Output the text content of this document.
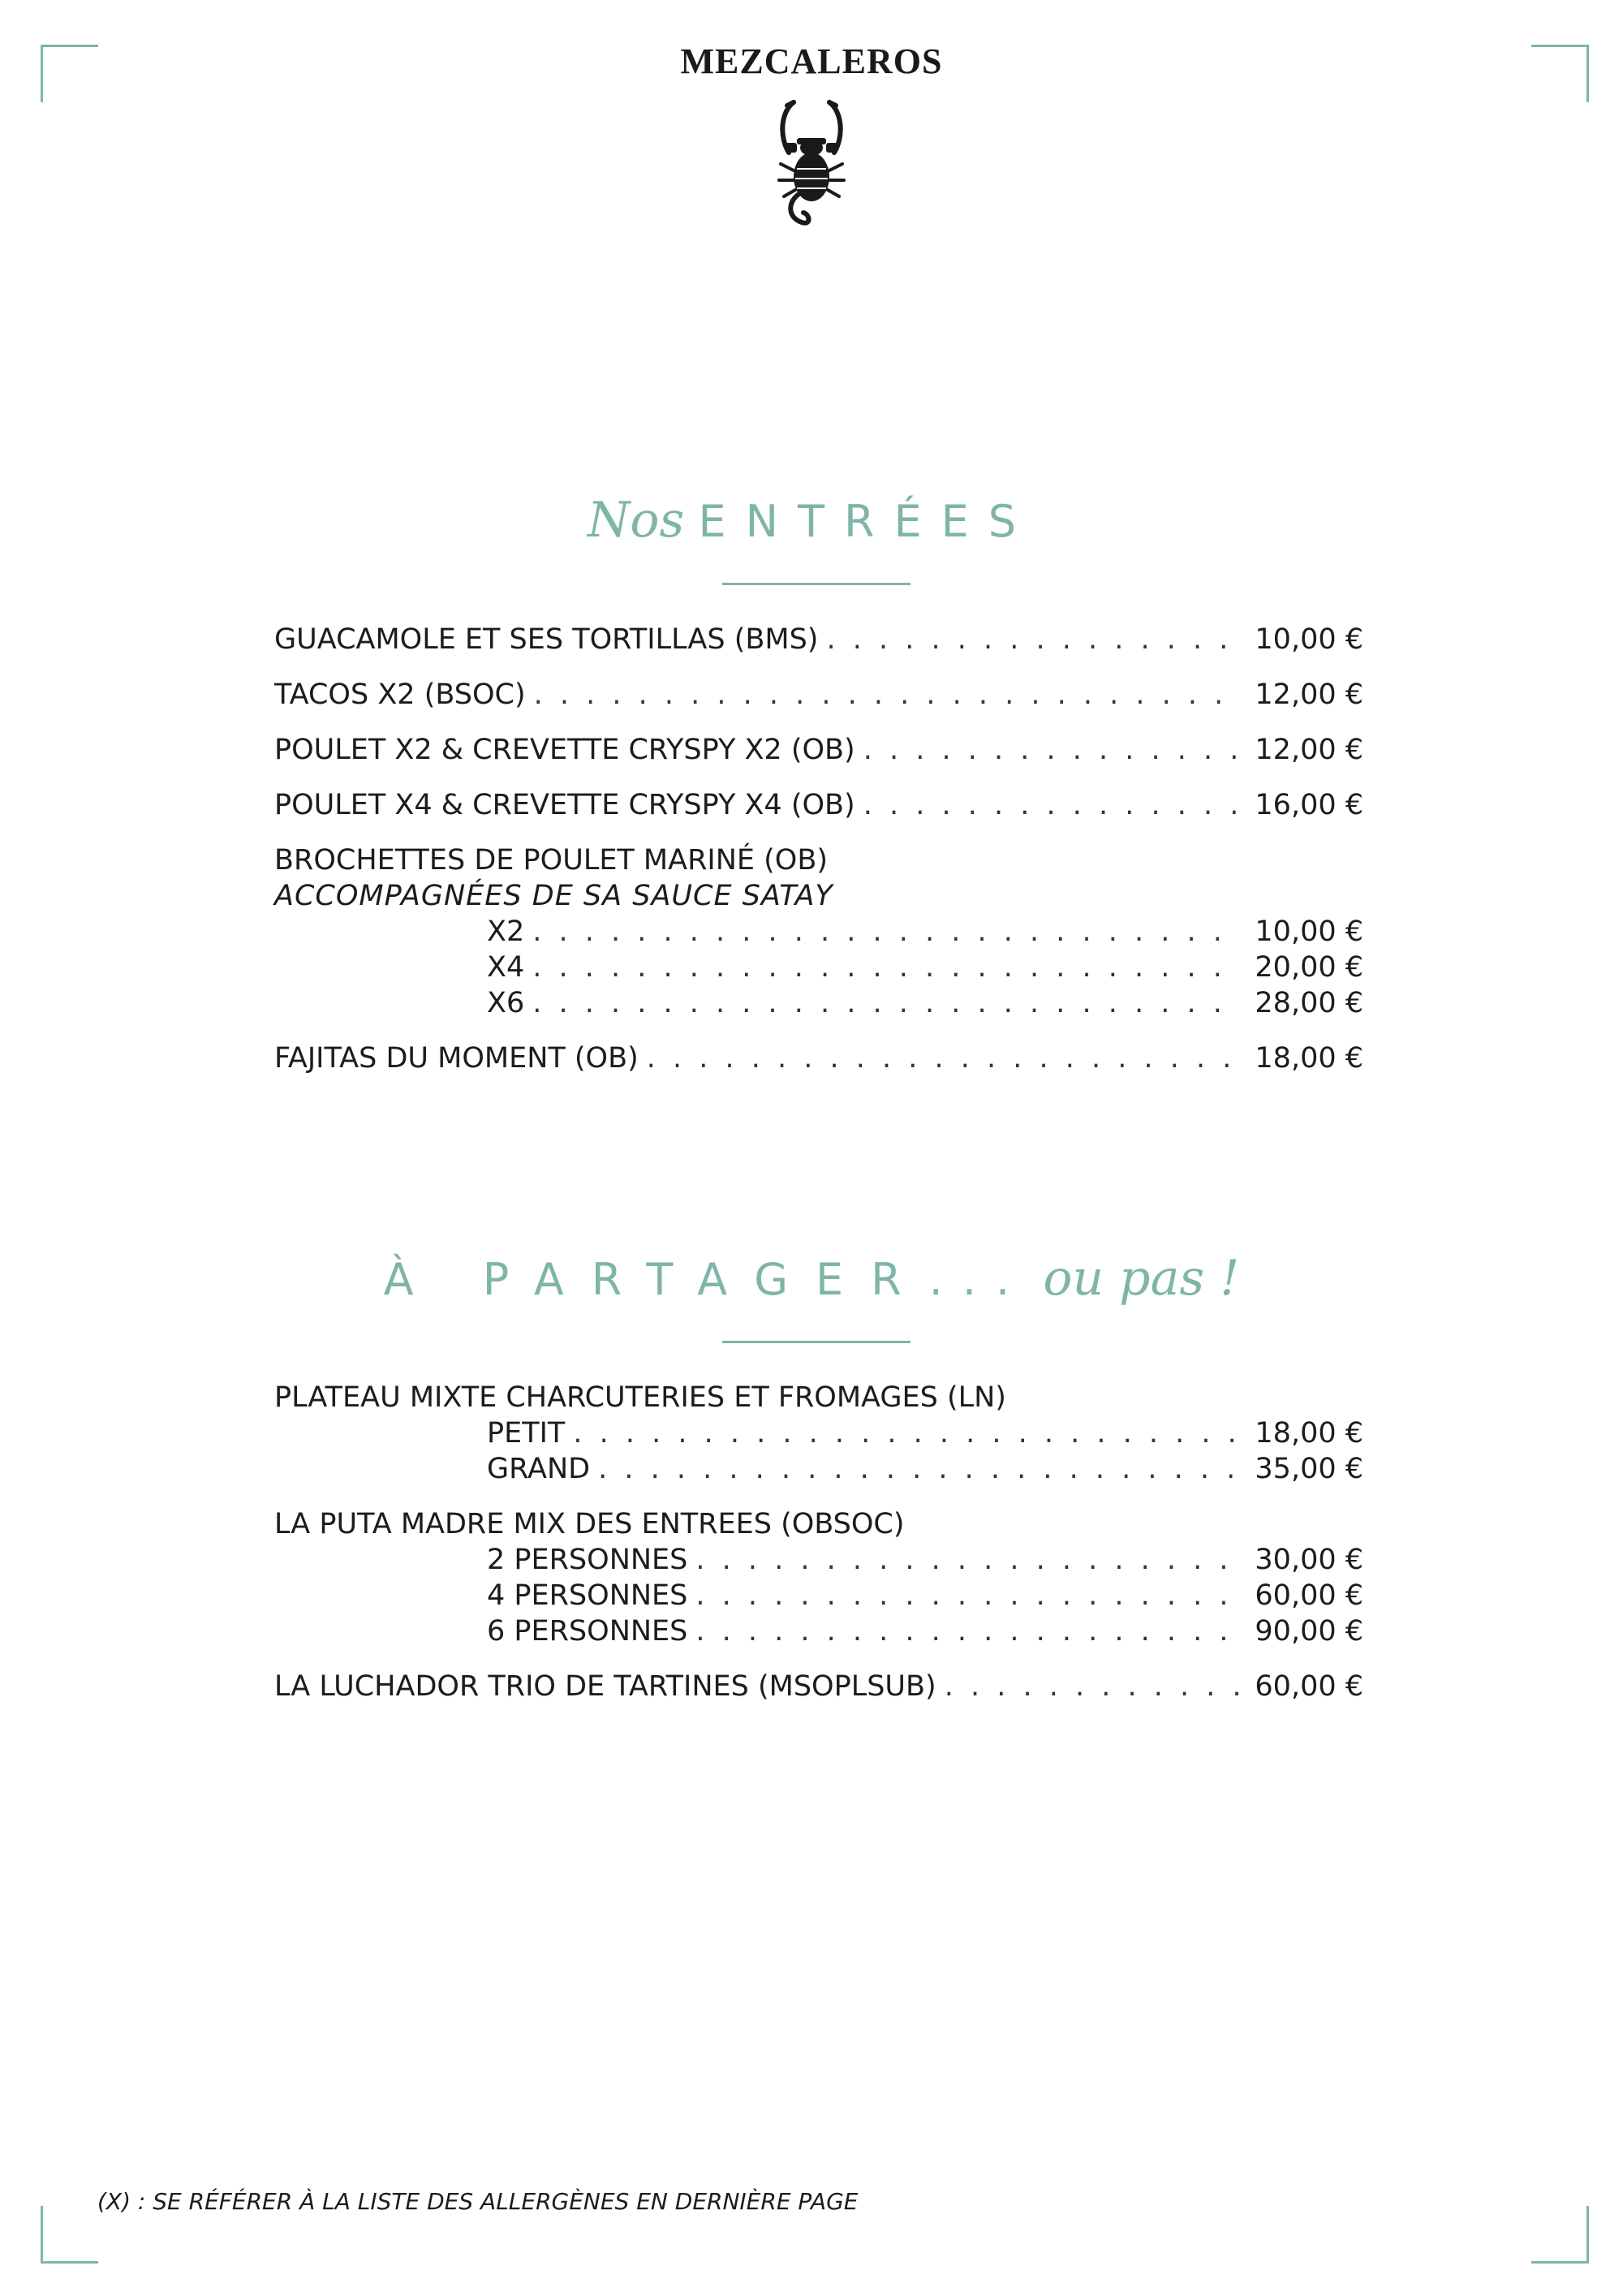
MEZCALEROS
Nos ENTRÉES
GUACAMOLE ET SES TORTILLAS (BMS) . . .	10,00 €
TACOS X2 (BSOC) . . .	12,00 €
POULET X2 & CREVETTE CRYSPY X2 (OB) . . .	12,00 €
POULET X4 & CREVETTE CRYSPY X4 (OB) . . .	16,00 €
BROCHETTES DE POULET MARINÉ (OB)
ACCOMPAGNÉES DE SA SAUCE SATAY
X2 . . .	10,00 €
X4 . . .	20,00 €
X6 . . .	28,00 €
FAJITAS DU MOMENT (OB) . . .	18,00 €
À PARTAGER... ou pas !
PLATEAU MIXTE CHARCUTERIES ET FROMAGES (LN)
PETIT . . .	18,00 €
GRAND . . .	35,00 €
LA PUTA MADRE MIX DES ENTREES (OBSOC)
2 PERSONNES . . .	30,00 €
4 PERSONNES . . .	60,00 €
6 PERSONNES . . .	90,00 €
LA LUCHADOR TRIO DE TARTINES (MSOPLSUB) . . .	60,00 €
(X) : SE RÉFÉRER À LA LISTE DES ALLERGÈNES EN DERNIÈRE PAGE
